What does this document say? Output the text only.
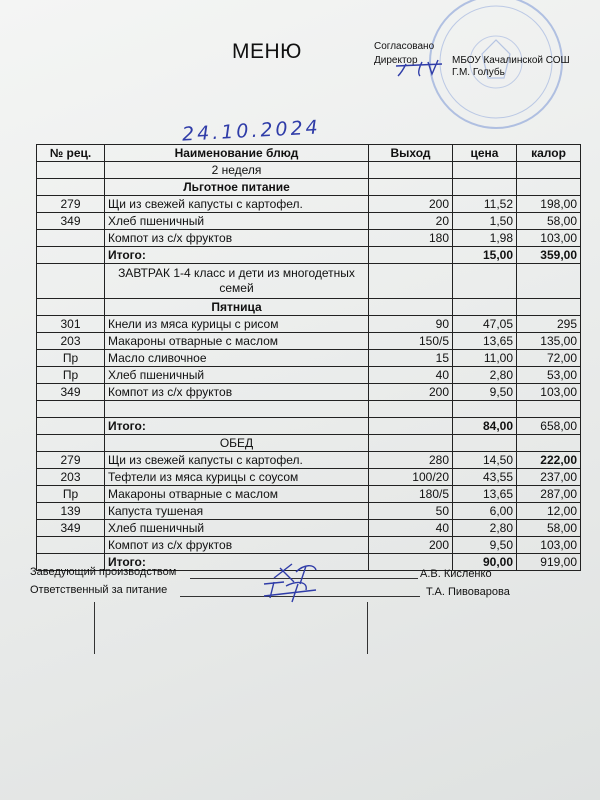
МЕНЮ	Согласовано
Директор	МБОУ Качалинской СОШ
Г.М. Голубь
24.10.2024
№ рец.	Наименование блюд	Выход	цена	калор
	2 неделя			
	Льготное питание			
279	Щи из свежей капусты с картофел.	200	11,52	198,00
349	Хлеб пшеничный	20	1,50	58,00
	Компот из с/х фруктов	180	1,98	103,00
	Итого:		15,00	359,00
	ЗАВТРАК 1-4 класс и дети из многодетных семей			
	Пятница			
301	Кнели из мяса курицы с рисом	90	47,05	295
203	Макароны отварные с маслом	150/5	13,65	135,00
Пр	Масло сливочное	15	11,00	72,00
Пр	Хлеб пшеничный	40	2,80	53,00
349	Компот из с/х фруктов	200	9,50	103,00

	Итого:		84,00	658,00
	ОБЕД			
279	Щи из свежей капусты с картофел.	280	14,50	222,00
203	Тефтели из мяса курицы с соусом	100/20	43,55	237,00
Пр	Макароны отварные с маслом	180/5	13,65	287,00
139	Капуста тушеная	50	6,00	12,00
349	Хлеб пшеничный	40	2,80	58,00
	Компот из с/х фруктов	200	9,50	103,00
	Итого:		90,00	919,00
Заведующий производством	А.В. Кисленко
Ответственный за питание	Т.А. Пивоварова
